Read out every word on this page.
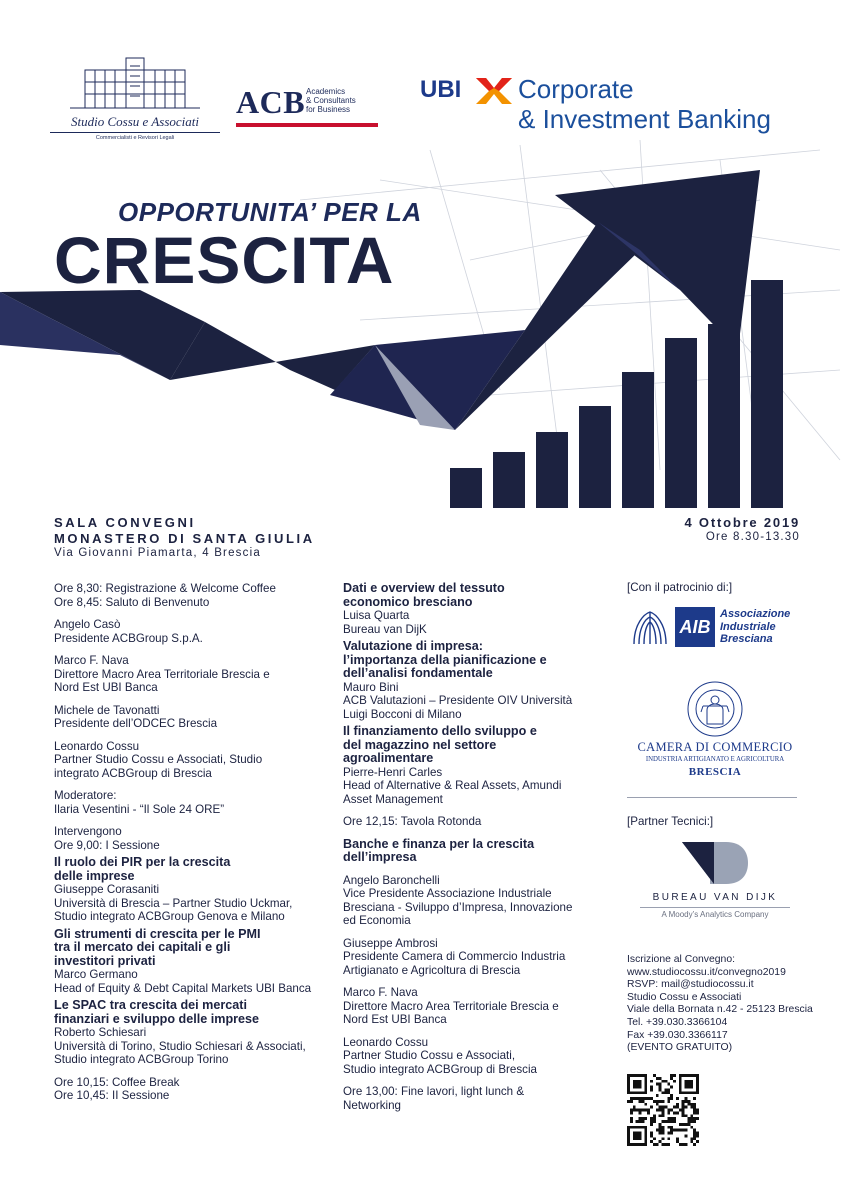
Studio Cossu e Associati
Commercialisti e Revisori Legali
ACB Academics
& Consultants
for Business
UBI Corporate
& Investment Banking
OPPORTUNITA’ PER LA
CRESCITA
SALA CONVEGNI
MONASTERO DI SANTA GIULIA
Via Giovanni Piamarta, 4 Brescia
4 Ottobre 2019
Ore 8.30-13.30
Ore 8,30: Registrazione & Welcome Coffee
Ore 8,45: Saluto di Benvenuto
Angelo Casò
Presidente ACBGroup S.p.A.
Marco F. Nava
Direttore Macro Area Territoriale Brescia e
Nord Est UBI Banca
Michele de Tavonatti
Presidente dell’ODCEC Brescia
Leonardo Cossu
Partner Studio Cossu e Associati, Studio
integrato ACBGroup di Brescia
Moderatore:
Ilaria Vesentini - “Il Sole 24 ORE”
Intervengono
Ore 9,00: I Sessione
Il ruolo dei PIR per la crescita
delle imprese
Giuseppe Corasaniti
Università di Brescia – Partner Studio Uckmar,
Studio integrato ACBGroup Genova e Milano
Gli strumenti di crescita per le PMI
tra il mercato dei capitali e gli
investitori privati
Marco Germano
Head of Equity & Debt Capital Markets UBI Banca
Le SPAC tra crescita dei mercati
finanziari e sviluppo delle imprese
Roberto Schiesari
Università di Torino, Studio Schiesari & Associati,
Studio integrato ACBGroup Torino
Ore 10,15: Coffee Break
Ore 10,45: II Sessione
Dati e overview del tessuto
economico bresciano
Luisa Quarta
Bureau van DijK
Valutazione di impresa:
l’importanza della pianificazione e
dell’analisi fondamentale
Mauro Bini
ACB Valutazioni – Presidente OIV Università
Luigi Bocconi di Milano
Il finanziamento dello sviluppo e
del magazzino nel settore
agroalimentare
Pierre-Henri Carles
Head of Alternative & Real Assets, Amundi
Asset Management
Ore 12,15: Tavola Rotonda
Banche e finanza per la crescita
dell’impresa
Angelo Baronchelli
Vice Presidente Associazione Industriale
Bresciana - Sviluppo d’Impresa, Innovazione
ed Economia
Giuseppe Ambrosi
Presidente Camera di Commercio Industria
Artigianato e Agricoltura di Brescia
Marco F. Nava
Direttore Macro Area Territoriale Brescia e
Nord Est UBI Banca
Leonardo Cossu
Partner Studio Cossu e Associati,
Studio integrato ACBGroup di Brescia
Ore 13,00: Fine lavori, light lunch &
Networking
[Con il patrocinio di:]
AIB
Associazione
Industriale
Bresciana
CAMERA DI COMMERCIO
INDUSTRIA ARTIGIANATO E AGRICOLTURA
BRESCIA
[Partner Tecnici:]
BUREAU VAN DIJK
A Moody’s Analytics Company
Iscrizione al Convegno:
www.studiocossu.it/convegno2019
RSVP: mail@studiocossu.it
Studio Cossu e Associati
Viale della Bornata n.42 - 25123 Brescia
Tel. +39.030.3366104
Fax +39.030.3366117
(EVENTO GRATUITO)
